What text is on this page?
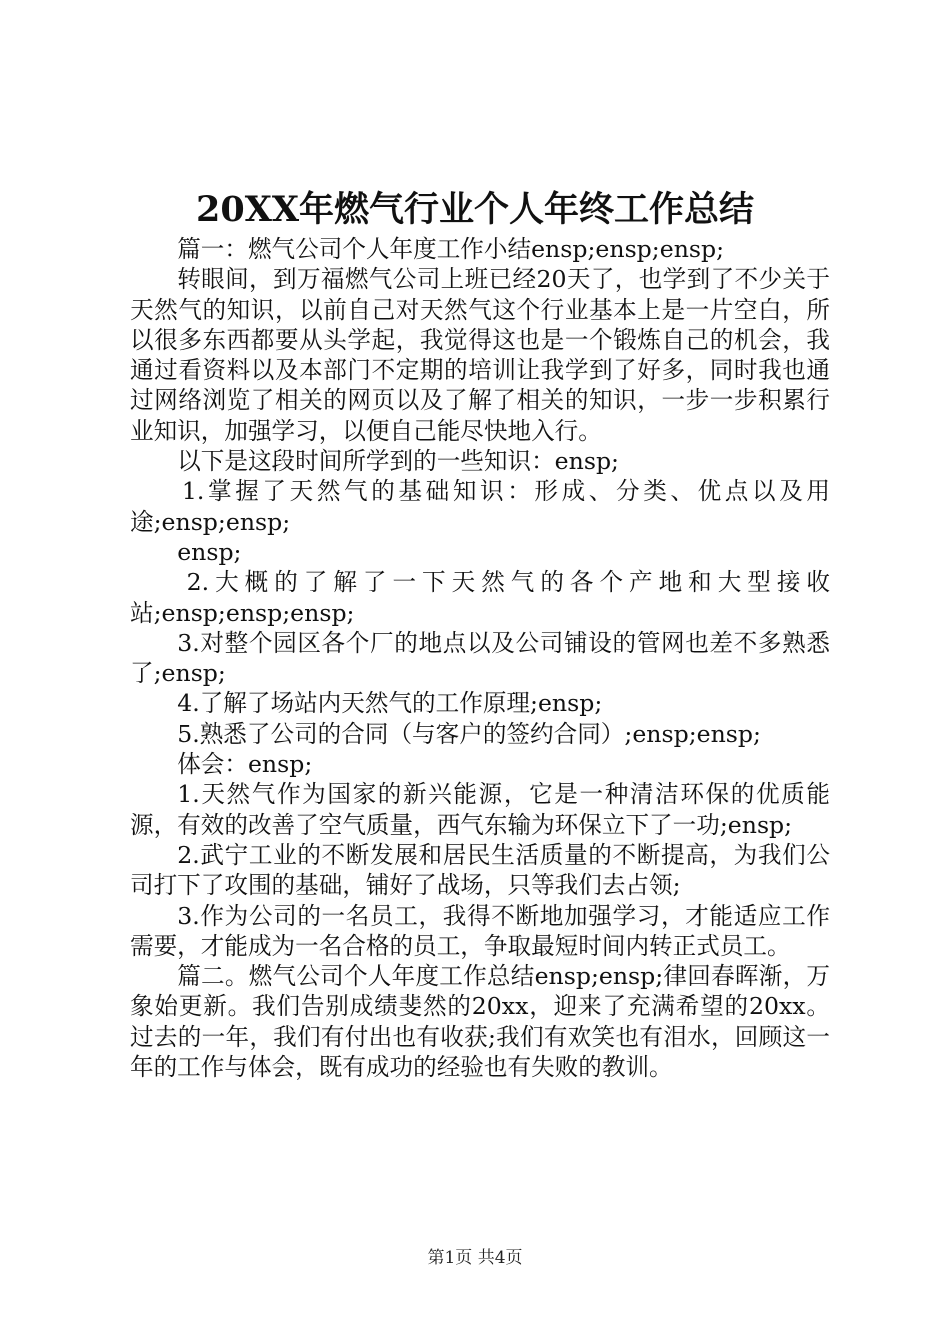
20XX年燃气行业个人年终工作总结

篇一：燃气公司个人年度工作小结ensp;ensp;ensp;

转眼间，到万福燃气公司上班已经20天了，也学到了不少关于天然气的知识，以前自己对天然气这个行业基本上是一片空白，所以很多东西都要从头学起，我觉得这也是一个锻炼自己的机会，我通过看资料以及本部门不定期的培训让我学到了好多，同时我也通过网络浏览了相关的网页以及了解了相关的知识，一步一步积累行业知识，加强学习，以便自己能尽快地入行。

以下是这段时间所学到的一些知识：ensp;

1.掌握了天然气的基础知识：形成、分类、优点以及用途;ensp;ensp;

ensp;

2.大概的了解了一下天然气的各个产地和大型接收站;ensp;ensp;ensp;

3.对整个园区各个厂的地点以及公司铺设的管网也差不多熟悉了;ensp;

4.了解了场站内天然气的工作原理;ensp;

5.熟悉了公司的合同（与客户的签约合同）;ensp;ensp;

体会：ensp;

1.天然气作为国家的新兴能源，它是一种清洁环保的优质能源，有效的改善了空气质量，西气东输为环保立下了一功;ensp;

2.武宁工业的不断发展和居民生活质量的不断提高，为我们公司打下了攻围的基础，铺好了战场，只等我们去占领;

3.作为公司的一名员工，我得不断地加强学习，才能适应工作需要，才能成为一名合格的员工，争取最短时间内转正式员工。

篇二。燃气公司个人年度工作总结ensp;ensp;律回春晖渐，万象始更新。我们告别成绩斐然的20xx，迎来了充满希望的20xx。过去的一年，我们有付出也有收获;我们有欢笑也有泪水，回顾这一年的工作与体会，既有成功的经验也有失败的教训。

第1页 共4页
